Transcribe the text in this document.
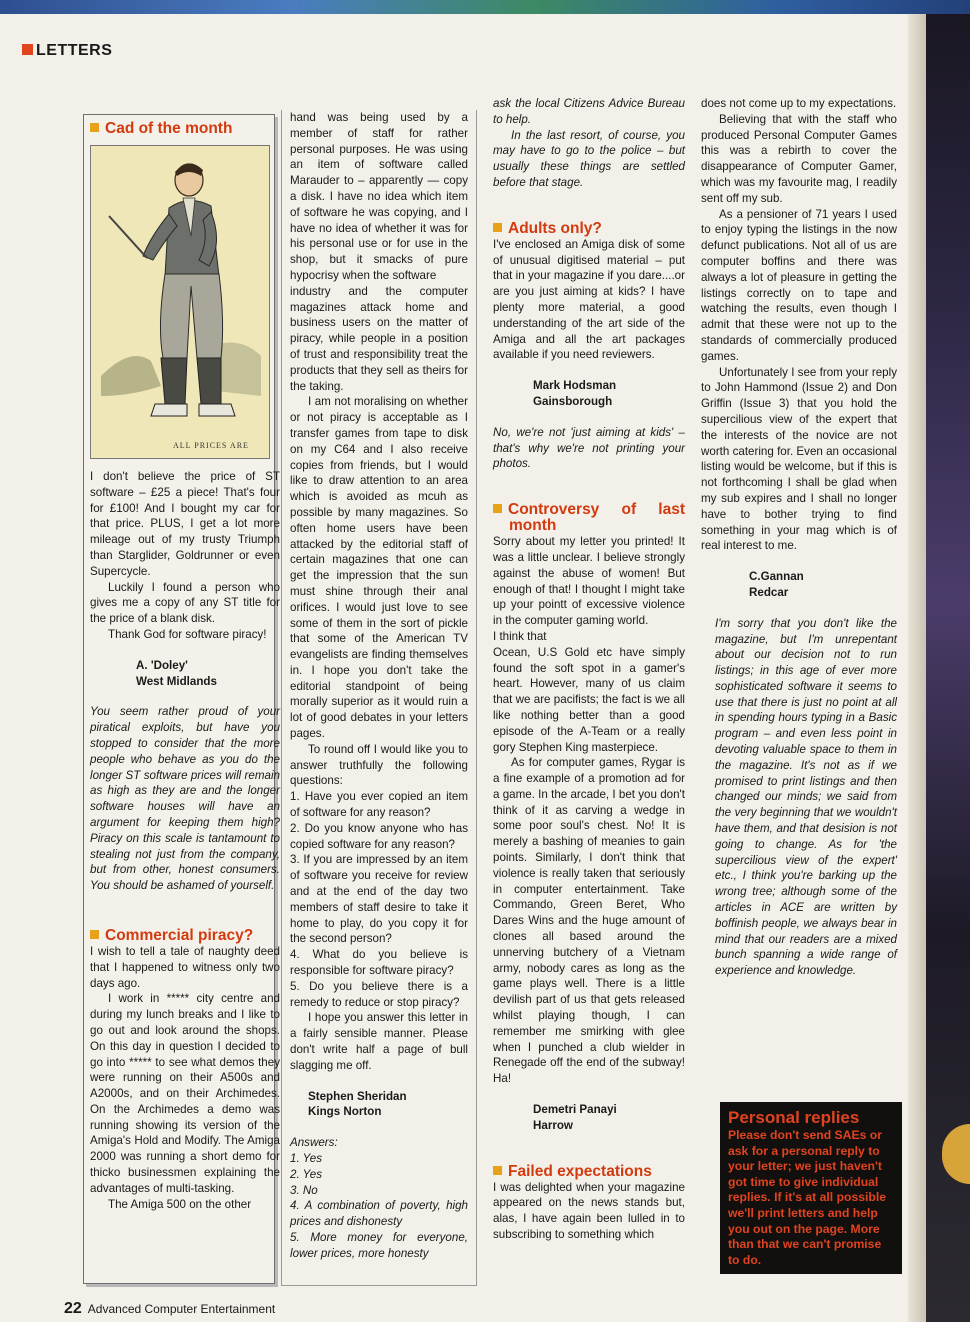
LETTERS
Cad of the month
ALL PRICES ARE

I don't believe the price of ST software – £25 a piece! That's four for £100! And I bought my car for that price. PLUS, I get a lot more mileage out of my trusty Triumph than Starglider, Goldrunner or even Supercycle.

Luckily I found a person who gives me a copy of any ST title for the price of a blank disk.

Thank God for software piracy!

A. 'Doley'

West Midlands

You seem rather proud of your piratical exploits, but have you stopped to consider that the more people who behave as you do the longer ST software prices will remain as high as they are and the longer software houses will have an argument for keeping them high? Piracy on this scale is tantamount to stealing not just from the company, but from other, honest consumers. You should be ashamed of yourself.

Commercial piracy?

I wish to tell a tale of naughty deed that I happened to witness only two days ago.

I work in ***** city centre and during my lunch breaks and I like to go out and look around the shops. On this day in question I decided to go into ***** to see what demos they were running on their A500s and A2000s, and on their Archimedes. On the Archimedes a demo was running showing its version of the Amiga's Hold and Modify. The Amiga 2000 was running a short demo for thicko businessmen explaining the advantages of multi-tasking.

The Amiga 500 on the other

hand was being used by a member of staff for rather personal purposes. He was using an item of software called Marauder to – apparently — copy a disk. I have no idea which item of software he was copying, and I have no idea of whether it was for his personal use or for use in the shop, but it smacks of pure hypocrisy when the software

industry and the computer magazines attack home and business users on the matter of piracy, while people in a position of trust and responsibility treat the products that they sell as theirs for the taking.

I am not moralising on whether or not piracy is acceptable as I transfer games from tape to disk on my C64 and I also receive copies from friends, but I would like to draw attention to an area which is avoided as mcuh as possible by many magazines. So often home users have been attacked by the editorial staff of certain magazines that one can get the impression that the sun must shine through their anal orifices. I would just love to see some of them in the sort of pickle that some of the American TV evangelists are finding themselves in. I hope you don't take the editorial standpoint of being morally superior as it would ruin a lot of good debates in your letters pages.

To round off I would like you to answer truthfully the following questions:

1. Have you ever copied an item of software for any reason?

2. Do you know anyone who has copied software for any reason?

3. If you are impressed by an item of software you receive for review and at the end of the day two members of staff desire to take it home to play, do you copy it for the second person?

4. What do you believe is responsible for software piracy?

5. Do you believe there is a remedy to reduce or stop piracy?

I hope you answer this letter in a fairly sensible manner. Please don't write half a page of bull slagging me off.

Stephen Sheridan

Kings Norton

Answers:

1. Yes

2. Yes

3. No

4. A combination of poverty, high prices and dishonesty

5. More money for everyone, lower prices, more honesty

ask the local Citizens Advice Bureau to help.

In the last resort, of course, you may have to go to the police – but usually these things are settled before that stage.

Adults only?

I've enclosed an Amiga disk of some of unusual digitised material – put that in your magazine if you dare....or are you just aiming at kids? I have plenty more material, a good understanding of the art side of the Amiga and all the art packages available if you need reviewers.

Mark Hodsman

Gainsborough

No, we're not 'just aiming at kids' – that's why we're not printing your photos.

Controversy of last month

Sorry about my letter you printed! It was a little unclear. I believe strongly against the abuse of women! But enough of that! I thought I might take up your pointt of excessive violence in the computer gaming world.

I think that

Ocean, U.S Gold etc have simply found the soft spot in a gamer's heart. However, many of us claim that we are pacifists; the fact is we all like nothing better than a good episode of the A-Team or a really gory Stephen King masterpiece.

As for computer games, Rygar is a fine example of a promotion ad for a game. In the arcade, I bet you don't think of it as carving a wedge in some poor soul's chest. No! It is merely a bashing of meanies to gain points. Similarly, I don't think that violence is really taken that seriously in computer entertainment. Take Commando, Green Beret, Who Dares Wins and the huge amount of clones all based around the unnerving butchery of a Vietnam army, nobody cares as long as the game plays well. There is a little devilish part of us that gets released whilst playing though, I can remember me smirking with glee when I punched a club wielder in Renegade off the end of the subway! Ha!

Demetri Panayi

Harrow

Failed expectations

I was delighted when your magazine appeared on the news stands but, alas, I have again been lulled in to subscribing to something which

does not come up to my expectations.

Believing that with the staff who produced Personal Computer Games this was a rebirth to cover the disappearance of Computer Gamer, which was my favourite mag, I readily sent off my sub.

As a pensioner of 71 years I used to enjoy typing the listings in the now defunct publications. Not all of us are computer boffins and there was always a lot of pleasure in getting the listings correctly on to tape and watching the results, even though I admit that these were not up to the standards of commercially produced games.

Unfortunately I see from your reply to John Hammond (Issue 2) and Don Griffin (Issue 3) that you hold the supercilious view of the expert that the interests of the novice are not worth catering for. Even an occasional listing would be welcome, but if this is not forthcoming I shall be glad when my sub expires and I shall no longer have to bother trying to find something in your mag which is of real interest to me.

C.Gannan

Redcar

I'm sorry that you don't like the magazine, but I'm unrepentant about our decision not to run listings; in this age of ever more sophisticated software it seems to use that there is just no point at all in spending hours typing in a Basic program – and even less point in devoting valuable space to them in the magazine. It's not as if we promised to print listings and then changed our minds; we said from the very beginning that we wouldn't have them, and that desision is not going to change. As for 'the supercilious view of the expert' etc., I think you're barking up the wrong tree; although some of the articles in ACE are written by boffinish people, we always bear in mind that our readers are a mixed bunch spanning a wide range of experience and knowledge.

Personal replies
Please don't send SAEs or ask for a personal reply to your letter; we just haven't got time to give individual replies. If it's at all possible we'll print letters and help you out on the page. More than that we can't promise to do.
22 Advanced Computer Entertainment
